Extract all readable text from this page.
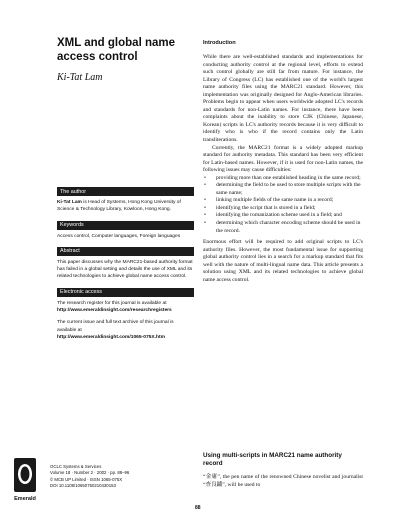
XML and global name access control
Ki-Tat Lam
The author
Ki-Tat Lam is Head of Systems, Hong Kong University of Science & Technology Library, Kowloon, Hong Kong.
Keywords
Access control, Computer languages, Foreign languages
Abstract
This paper discusses why the MARC21-based authority format has failed in a global setting and details the use of XML and its related technologies to achieve global name access control.
Electronic access
The research register for this journal is available at
http://www.emeraldinsight.com/researchregisters
The current issue and full text archive of this journal is available at
http://www.emeraldinsight.com/1065-075X.htm
Introduction

While there are well-established standards and implementations for conducting authority control at the regional level, efforts to extend such control globally are still far from mature. For instance, the Library of Congress (LC) has established one of the world's largest name authority files using the MARC21 standard. However, this implementation was originally designed for Anglo-American libraries. Problems begin to appear when users worldwide adopted LC's records and standards for non-Latin names. For instance, there have been complaints about the inability to store CJK (Chinese, Japanese, Korean) scripts in LC's authority records because it is very difficult to identify who is who if the record contains only the Latin transliterations.

Currently, the MARC21 format is a widely adopted markup standard for authority metadata. This standard has been very efficient for Latin-based names. However, if it is used for non-Latin names, the following issues may cause difficulties:

• providing more than one established heading in the same record;
• determining the field to be used to store multiple scripts with the same name;
• linking multiple fields of the same name in a record;
• identifying the script that is stored in a field;
• identifying the romanization scheme used in a field; and
• determining which character encoding scheme should be used in the record.

Enormous effort will be required to add original scripts to LC's authority files. However, the most fundamental issue for supporting global authority control lies in a search for a markup standard that fits well with the nature of multi-lingual name data. This article presents a solution using XML and its related technologies to achieve global name access control.

Using multi-scripts in MARC21 name authority record

“金庸”, the pen name of the renowned Chinese novelist and journalist “查良鏞”, will be used to

Emerald
OCLC Systems & Services
Volume 18 · Number 2 · 2002 · pp. 88–96
© MCB UP Limited · ISSN 1065-075X
DOI 10.1108/10650750210430153
88
